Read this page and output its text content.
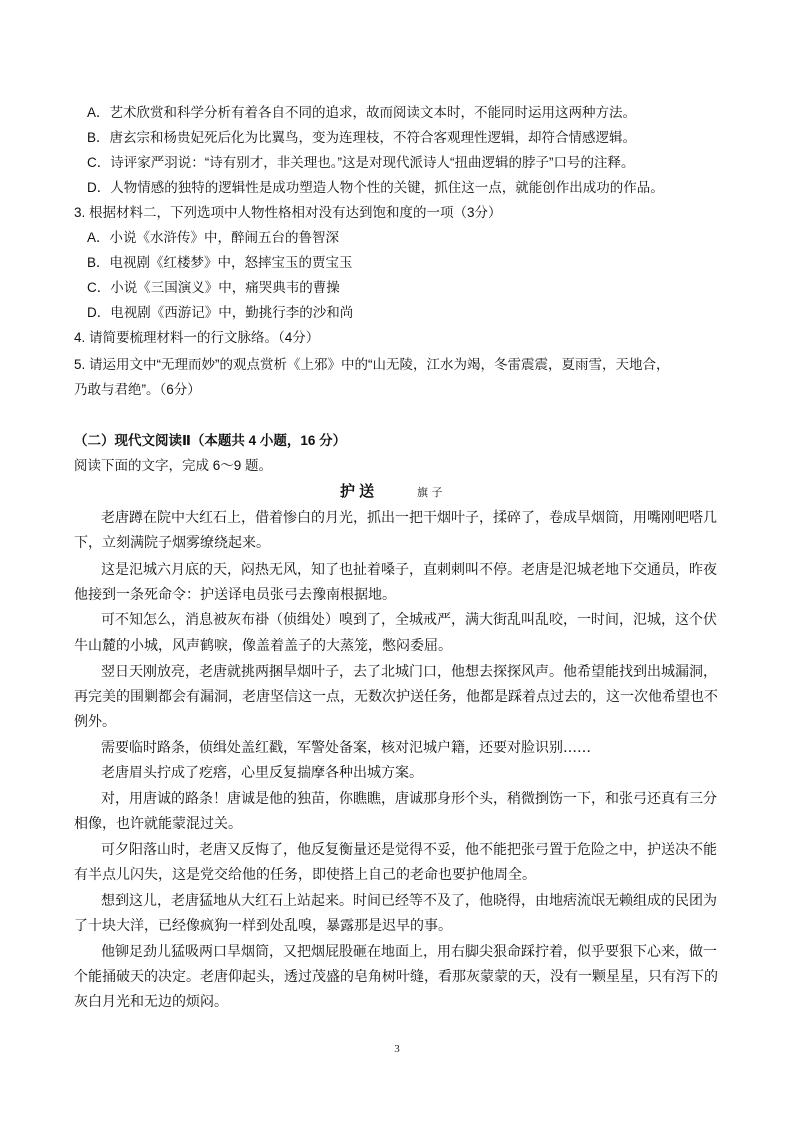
A．艺术欣赏和科学分析有着各自不同的追求，故而阅读文本时，不能同时运用这两种方法。
B．唐玄宗和杨贵妃死后化为比翼鸟，变为连理枝，不符合客观理性逻辑，却符合情感逻辑。
C．诗评家严羽说：“诗有别才，非关理也。”这是对现代派诗人“扭曲逻辑的脖子”口号的注释。
D．人物情感的独特的逻辑性是成功塑造人物个性的关键，抓住这一点，就能创作出成功的作品。
3. 根据材料二，下列选项中人物性格相对没有达到饱和度的一项（3分）
A．小说《水浒传》中，醉闹五台的鲁智深
B．电视剧《红楼梦》中，怒摔宝玉的贾宝玉
C．小说《三国演义》中，痛哭典韦的曹操
D．电视剧《西游记》中，勤挑行李的沙和尚
4. 请简要梳理材料一的行文脉络。（4分）
5. 请运用文中“无理而妙”的观点赏析《上邪》中的“山无陵，江水为竭，冬雷震震，夏雨雪，天地合，
乃敢与君绝”。（6分）
（二）现代文阅读Ⅱ（本题共 4 小题，16 分）
阅读下面的文字，完成 6～9 题。
护 送	旗 子
老唐蹲在院中大红石上，借着惨白的月光，抓出一把干烟叶子，揉碎了，卷成旱烟筒，用嘴刚吧嗒几
下，立刻满院子烟雾缭绕起来。
这是氾城六月底的天，闷热无风，知了也扯着嗓子，直刺刺叫不停。老唐是氾城老地下交通员，昨夜
他接到一条死命令：护送译电员张弓去豫南根据地。
可不知怎么，消息被灰布褂（侦缉处）嗅到了，全城戒严，满大街乱叫乱咬，一时间，氾城，这个伏
牛山麓的小城，风声鹤唳，像盖着盖子的大蒸笼，憋闷委屈。
翌日天刚放亮，老唐就挑两捆旱烟叶子，去了北城门口，他想去探探风声。他希望能找到出城漏洞，
再完美的围剿都会有漏洞，老唐坚信这一点，无数次护送任务，他都是踩着点过去的，这一次他希望也不
例外。
需要临时路条，侦缉处盖红戳，军警处备案，核对氾城户籍，还要对脸识别……
老唐眉头拧成了疙瘩，心里反复揣摩各种出城方案。
对，用唐诚的路条！唐诚是他的独苗，你瞧瞧，唐诚那身形个头，稍微捯饬一下，和张弓还真有三分
相像，也许就能蒙混过关。
可夕阳落山时，老唐又反悔了，他反复衡量还是觉得不妥，他不能把张弓置于危险之中，护送决不能
有半点儿闪失，这是党交给他的任务，即使搭上自己的老命也要护他周全。
想到这儿，老唐猛地从大红石上站起来。时间已经等不及了，他晓得，由地痞流氓无赖组成的民团为
了十块大洋，已经像疯狗一样到处乱嗅，暴露那是迟早的事。
他铆足劲儿猛吸两口旱烟筒，又把烟屁股砸在地面上，用右脚尖狠命踩拧着，似乎要狠下心来，做一
个能捅破天的决定。老唐仰起头，透过茂盛的皂角树叶缝，看那灰蒙蒙的天，没有一颗星星，只有泻下的
灰白月光和无边的烦闷。
3
